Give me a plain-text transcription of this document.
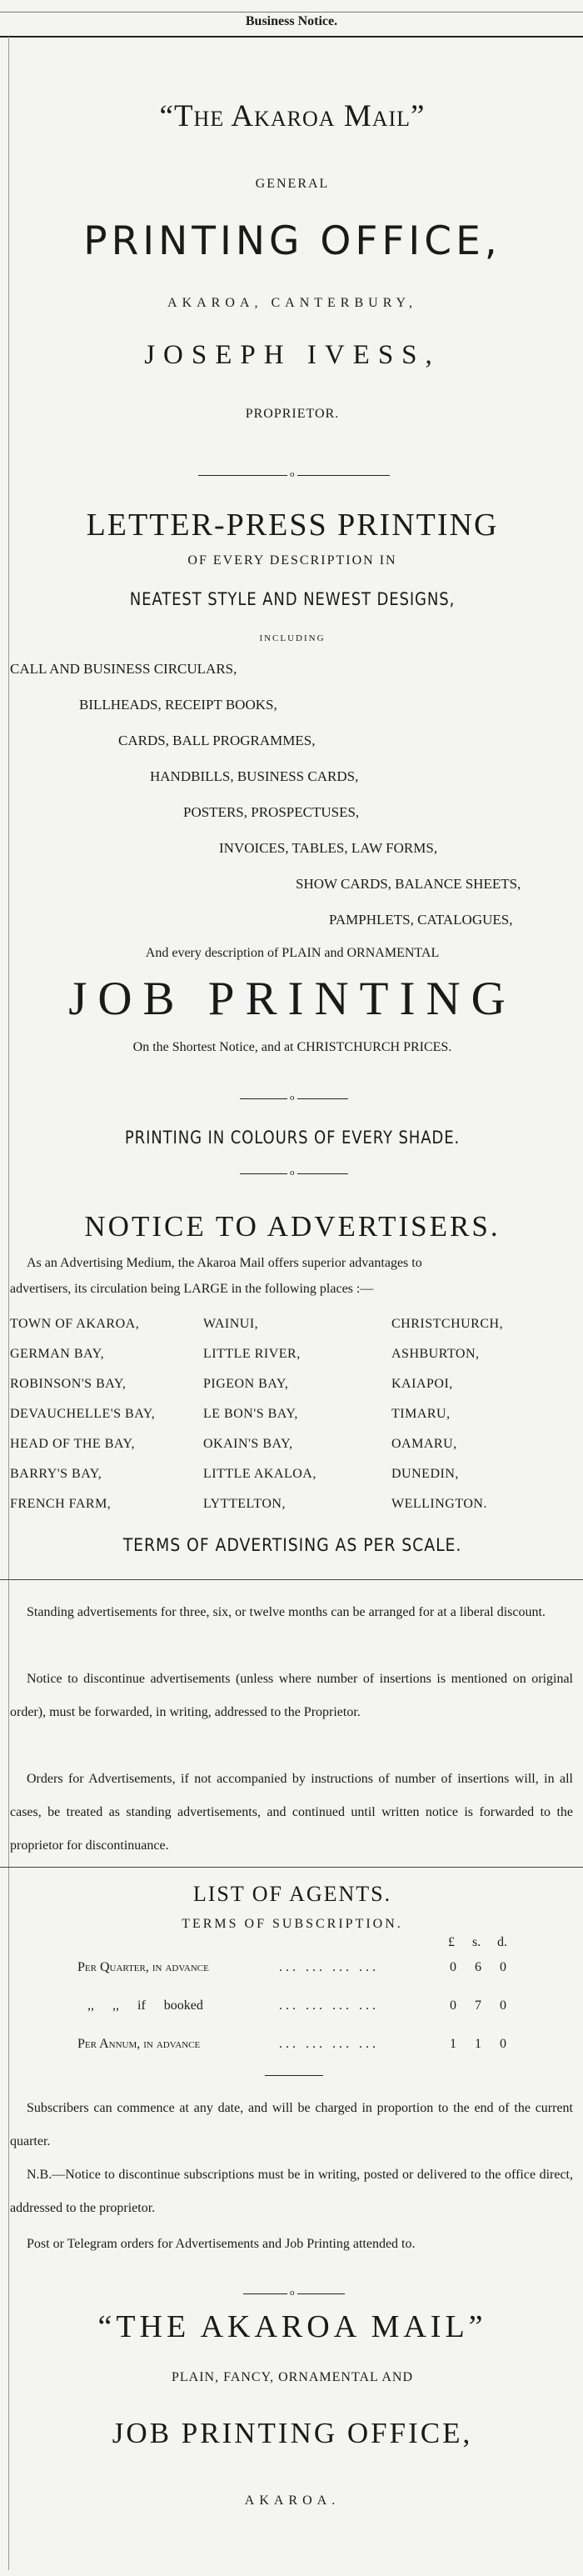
Business Notice.
“The Akaroa Mail”
GENERAL
PRINTING OFFICE,
AKAROA, CANTERBURY,
JOSEPH IVESS,
PROPRIETOR.
o
LETTER-PRESS PRINTING
OF EVERY DESCRIPTION IN
NEATEST STYLE AND NEWEST DESIGNS,
INCLUDING
CALL AND BUSINESS CIRCULARS,
BILLHEADS, RECEIPT BOOKS,
CARDS, BALL PROGRAMMES,
HANDBILLS, BUSINESS CARDS,
POSTERS, PROSPECTUSES,
INVOICES, TABLES, LAW FORMS,
SHOW CARDS, BALANCE SHEETS,
PAMPHLETS, CATALOGUES,
And every description of PLAIN and ORNAMENTAL
JOB PRINTING
On the Shortest Notice, and at CHRISTCHURCH PRICES.
o
PRINTING IN COLOURS OF EVERY SHADE.
o
NOTICE TO ADVERTISERS.
As an Advertising Medium, the Akaroa Mail offers superior advantages to
advertisers, its circulation being LARGE in the following places :—
TOWN OF AKAROA,	WAINUI,	CHRISTCHURCH,
GERMAN BAY,	LITTLE RIVER,	ASHBURTON,
ROBINSON'S BAY,	PIGEON BAY,	KAIAPOI,
DEVAUCHELLE'S BAY,	LE BON'S BAY,	TIMARU,
HEAD OF THE BAY,	OKAIN'S BAY,	OAMARU,
BARRY'S BAY,	LITTLE AKALOA,	DUNEDIN,
FRENCH FARM,	LYTTELTON,	WELLINGTON.
TERMS OF ADVERTISING AS PER SCALE.
Standing advertisements for three, six, or twelve months can be arranged for at a liberal discount.
Notice to discontinue advertisements (unless where number of insertions is mentioned on original order), must be forwarded, in writing, addressed to the Proprietor.
Orders for Advertisements, if not accompanied by instructions of number of insertions will, in all cases, be treated as standing advertisements, and continued until written notice is forwarded to the proprietor for discontinuance.
LIST OF AGENTS.
TERMS OF SUBSCRIPTION.
£ s. d.
Per Quarter, in advance	... ... ... ...	0 6 0
,, ,, if booked	... ... ... ...	0 7 0
Per Annum, in advance	... ... ... ...	1 1 0
Subscribers can commence at any date, and will be charged in proportion to the end of the current quarter.
N.B.—Notice to discontinue subscriptions must be in writing, posted or delivered to the office direct, addressed to the proprietor.
Post or Telegram orders for Advertisements and Job Printing attended to.
o
“THE AKAROA MAIL”
PLAIN, FANCY, ORNAMENTAL AND
JOB PRINTING OFFICE,
AKAROA.
